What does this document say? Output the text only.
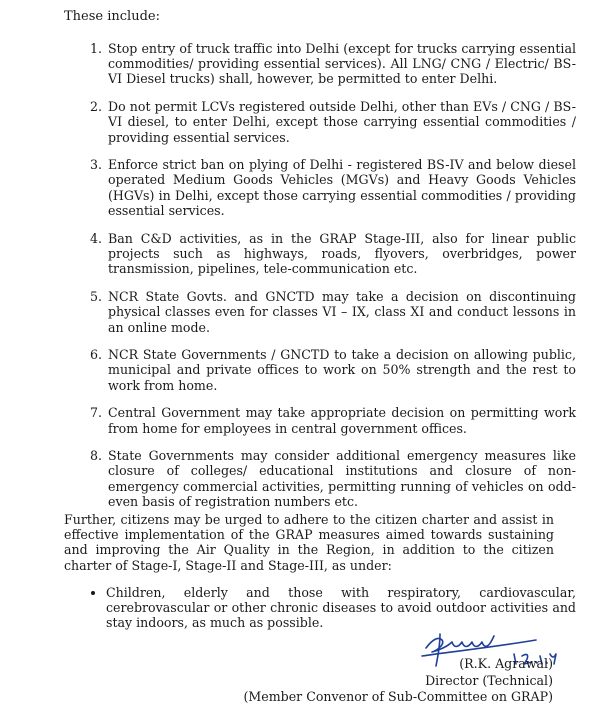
These include:

1. Stop entry of truck traffic into Delhi (except for trucks carrying essential commodities/ providing essential services). All LNG/ CNG / Electric/ BS-VI Diesel trucks) shall, however, be permitted to enter Delhi.
2. Do not permit LCVs registered outside Delhi, other than EVs / CNG / BS-VI diesel, to enter Delhi, except those carrying essential commodities / providing essential services.
3. Enforce strict ban on plying of Delhi - registered BS-IV and below diesel operated Medium Goods Vehicles (MGVs) and Heavy Goods Vehicles (HGVs) in Delhi, except those carrying essential commodities / providing essential services.
4. Ban C&D activities, as in the GRAP Stage-III, also for linear public projects such as highways, roads, flyovers, overbridges, power transmission, pipelines, tele-communication etc.
5. NCR State Govts. and GNCTD may take a decision on discontinuing physical classes even for classes VI – IX, class XI and conduct lessons in an online mode.
6. NCR State Governments / GNCTD to take a decision on allowing public, municipal and private offices to work on 50% strength and the rest to work from home.
7. Central Government may take appropriate decision on permitting work from home for employees in central government offices.
8. State Governments may consider additional emergency measures like closure of colleges/ educational institutions and closure of non-emergency commercial activities, permitting running of vehicles on odd-even basis of registration numbers etc.

Further, citizens may be urged to adhere to the citizen charter and assist in effective implementation of the GRAP measures aimed towards sustaining and improving the Air Quality in the Region, in addition to the citizen charter of Stage-I, Stage-II and Stage-III, as under:

• Children, elderly and those with respiratory, cardiovascular, cerebrovascular or other chronic diseases to avoid outdoor activities and stay indoors, as much as possible.
(R.K. Agrawal)
Director (Technical)
(Member Convenor of Sub-Committee on GRAP)
